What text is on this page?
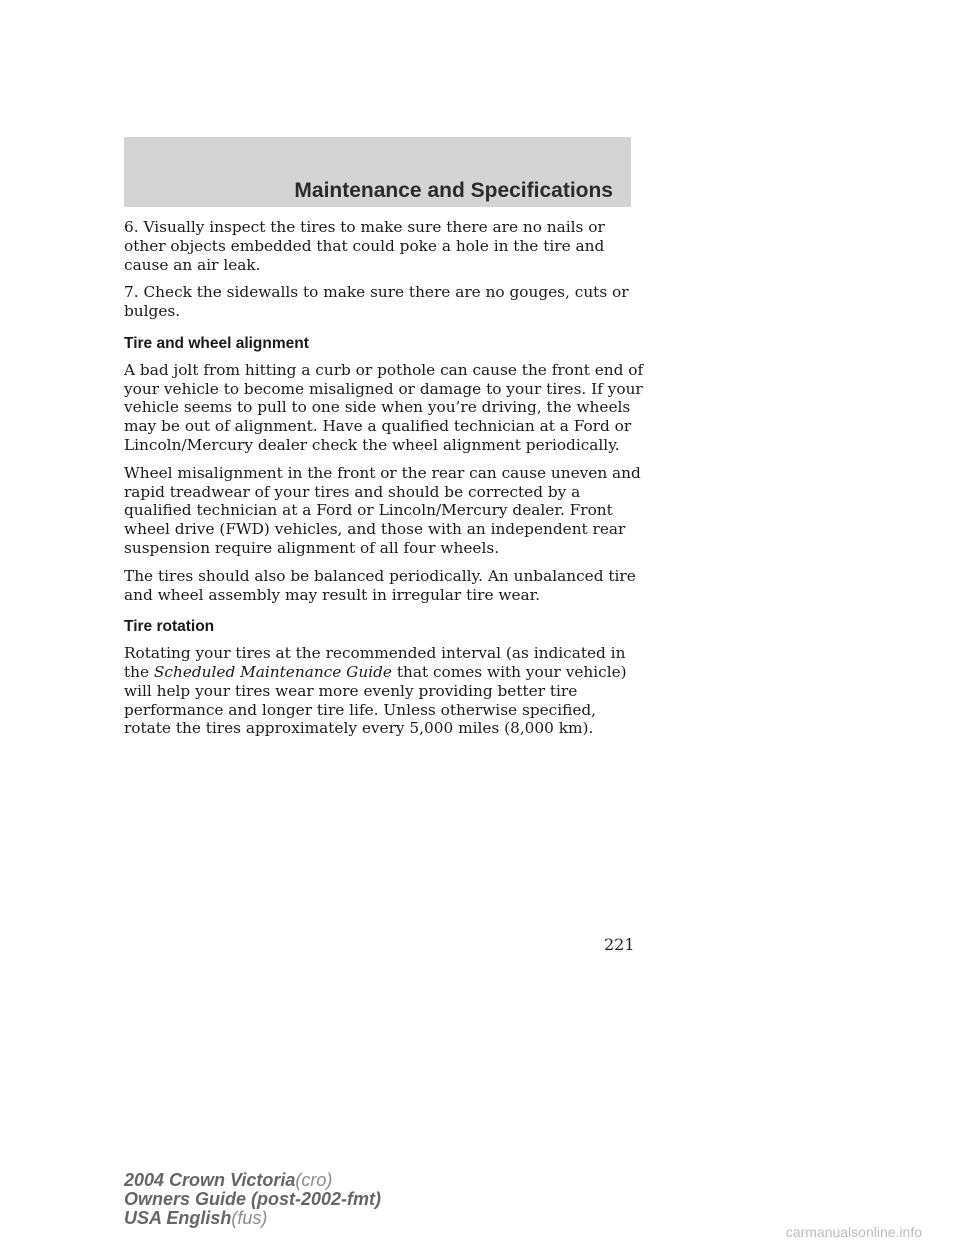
Maintenance and Specifications

6. Visually inspect the tires to make sure there are no nails or other objects embedded that could poke a hole in the tire and cause an air leak.

7. Check the sidewalls to make sure there are no gouges, cuts or bulges.

Tire and wheel alignment

A bad jolt from hitting a curb or pothole can cause the front end of your vehicle to become misaligned or damage to your tires. If your vehicle seems to pull to one side when you’re driving, the wheels may be out of alignment. Have a qualified technician at a Ford or Lincoln/Mercury dealer check the wheel alignment periodically.

Wheel misalignment in the front or the rear can cause uneven and rapid treadwear of your tires and should be corrected by a qualified technician at a Ford or Lincoln/Mercury dealer. Front wheel drive (FWD) vehicles, and those with an independent rear suspension require alignment of all four wheels.

The tires should also be balanced periodically. An unbalanced tire and wheel assembly may result in irregular tire wear.

Tire rotation

Rotating your tires at the recommended interval (as indicated in the Scheduled Maintenance Guide that comes with your vehicle) will help your tires wear more evenly providing better tire performance and longer tire life. Unless otherwise specified, rotate the tires approximately every 5,000 miles (8,000 km).

221
2004 Crown Victoria(cro)
Owners Guide (post-2002-fmt)
USA English(fus)
carmanualsonline.info
